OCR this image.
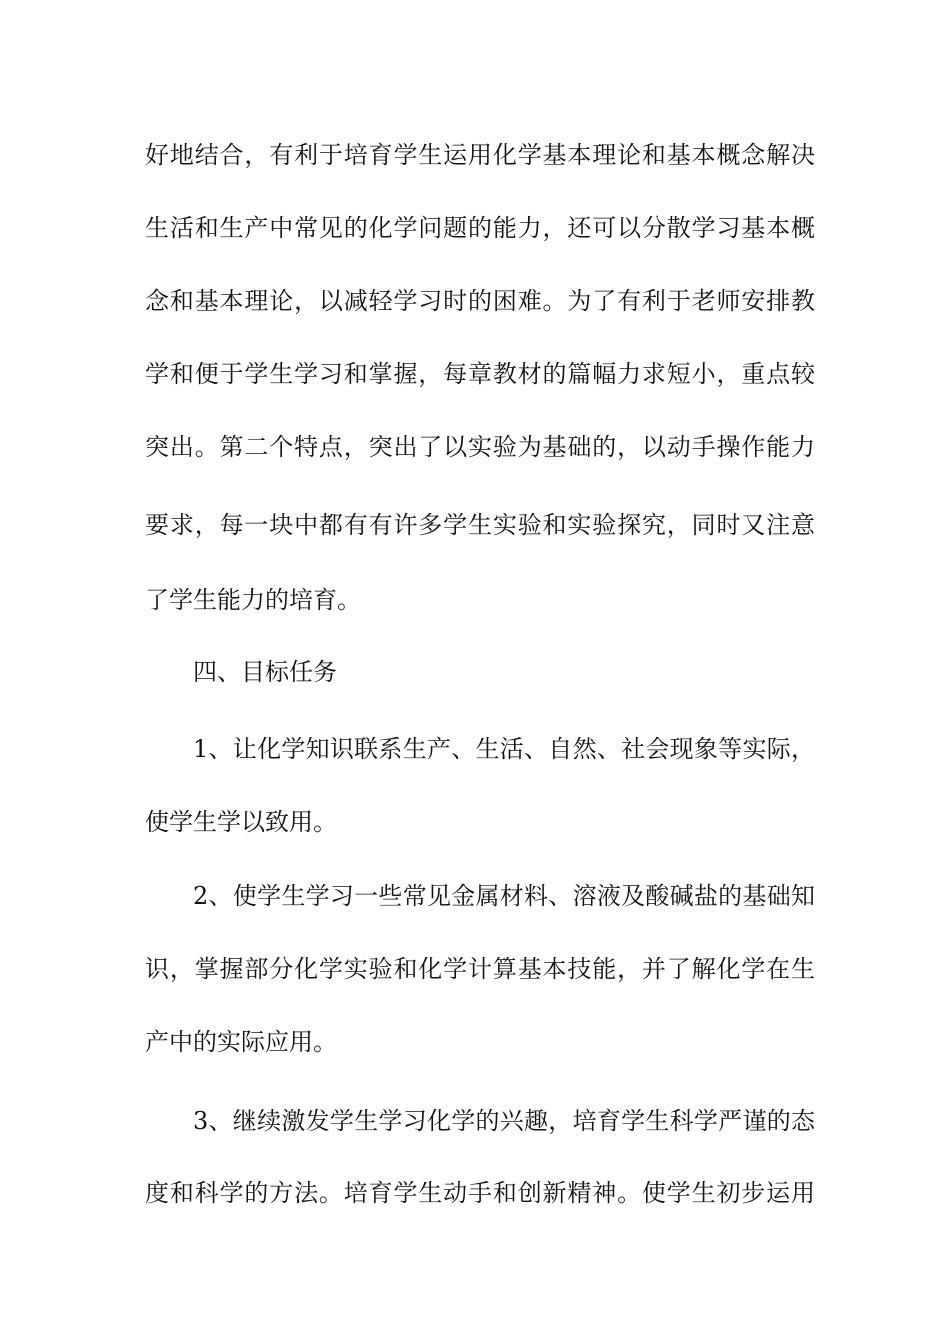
好地结合，有利于培育学生运用化学基本理论和基本概念解决
生活和生产中常见的化学问题的能力，还可以分散学习基本概
念和基本理论，以减轻学习时的困难。为了有利于老师安排教
学和便于学生学习和掌握，每章教材的篇幅力求短小，重点较
突出。第二个特点，突出了以实验为基础的，以动手操作能力
要求，每一块中都有有许多学生实验和实验探究，同时又注意
了学生能力的培育。
四、目标任务
1、让化学知识联系生产、生活、自然、社会现象等实际，
使学生学以致用。
2、使学生学习一些常见金属材料、溶液及酸碱盐的基础知
识，掌握部分化学实验和化学计算基本技能，并了解化学在生
产中的实际应用。
3、继续激发学生学习化学的兴趣，培育学生科学严谨的态
度和科学的方法。培育学生动手和创新精神。使学生初步运用
